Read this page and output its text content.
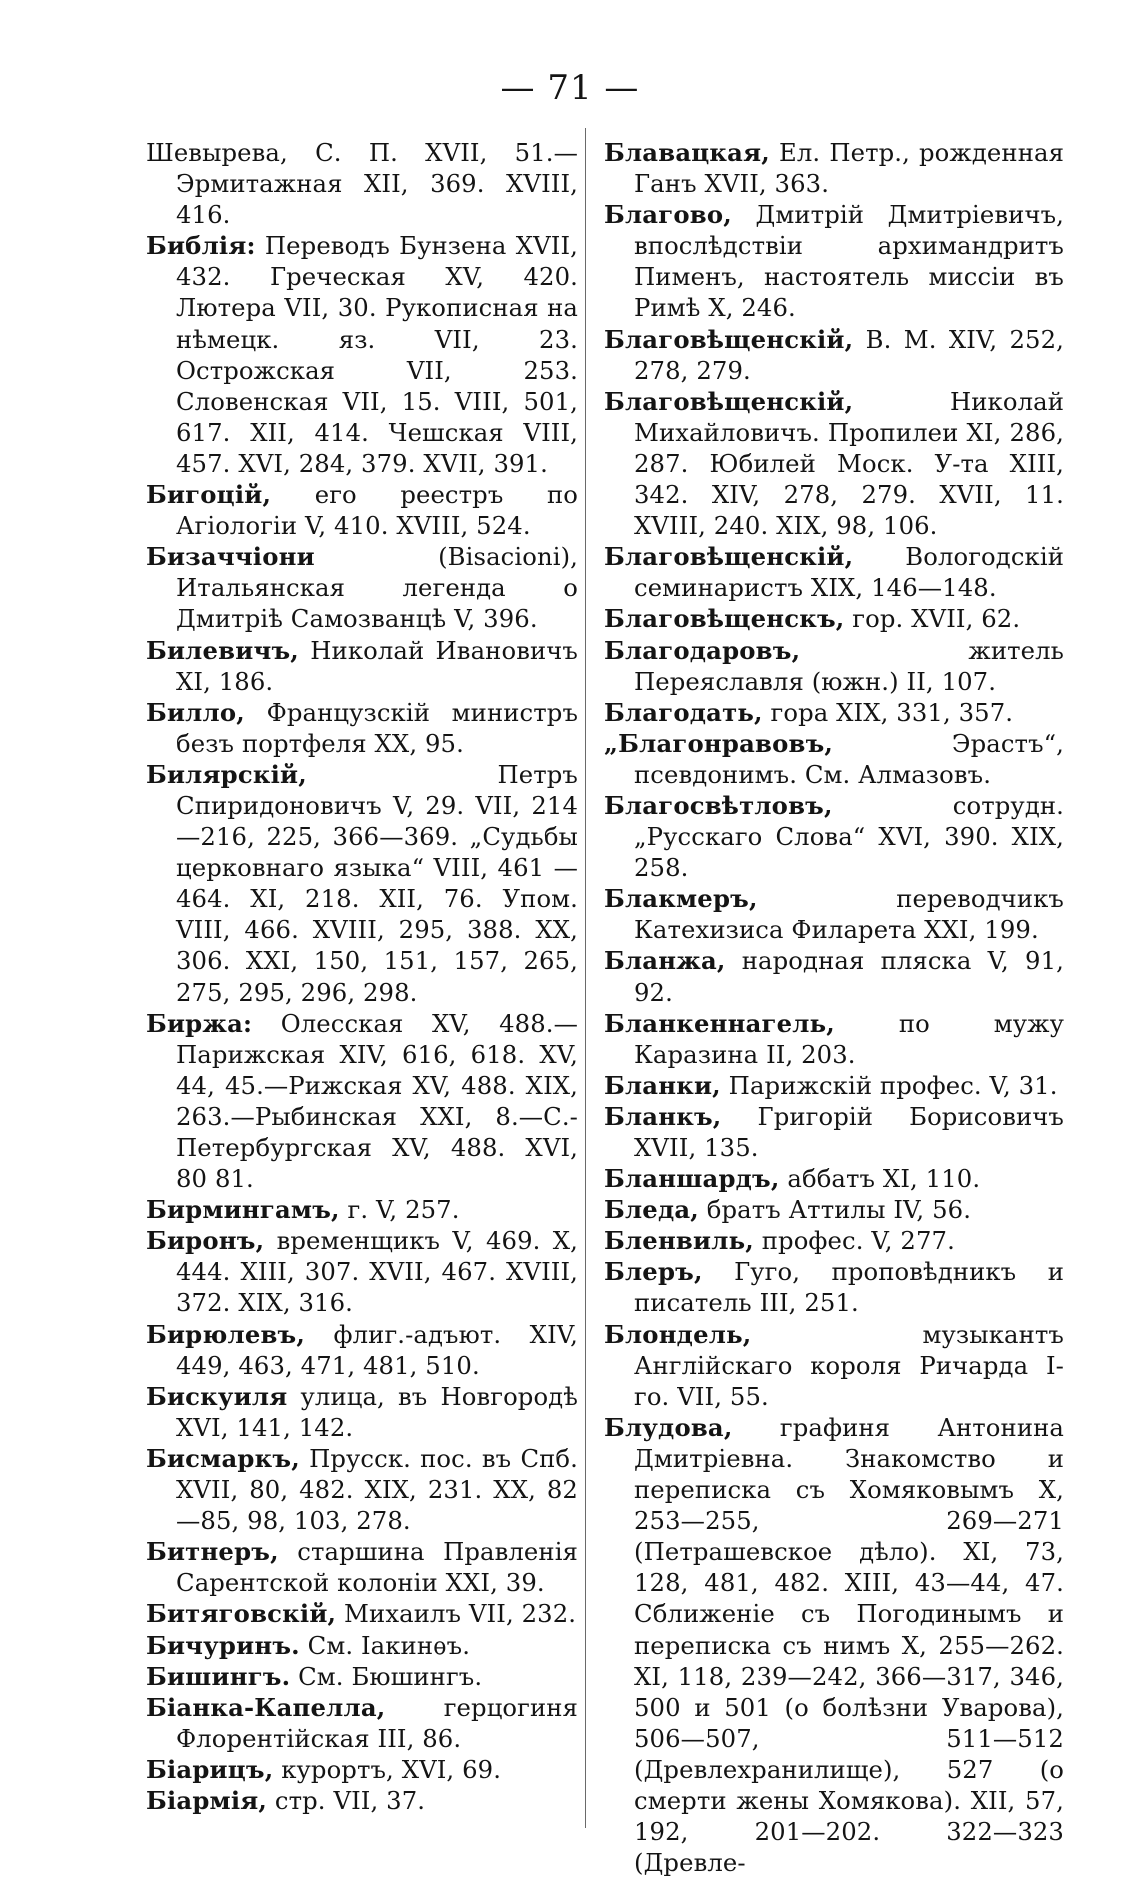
— 71 —

Шевырева, С. П. XVII, 51.—Эрмитажная XII, 369. XVIII, 416.

Библія: Переводъ Бунзена XVII, 432. Греческая XV, 420. Лютера VII, 30. Рукописная на нѣмецк. яз. VII, 23. Острожская VII, 253. Словенская VII, 15. VIII, 501, 617. XII, 414. Чешская VIII, 457. XVI, 284, 379. XVII, 391.

Бигоцій, его реестръ по Агіологіи V, 410. XVIII, 524.

Бизаччіони (Bisacioni), Итальянская легенда о Дмитріѣ Самозванцѣ V, 396.

Билевичъ, Николай Ивановичъ XI, 186.

Билло, Французскій министръ безъ портфеля XX, 95.

Билярскій, Петръ Спиридоновичъ V, 29. VII, 214—216, 225, 366—369. „Судьбы церковнаго языка“ VIII, 461 — 464. XI, 218. XII, 76. Упом. VIII, 466. XVIII, 295, 388. XX, 306. XXI, 150, 151, 157, 265, 275, 295, 296, 298.

Биржа: Олесская XV, 488.—Парижская XIV, 616, 618. XV, 44, 45.—Рижская XV, 488. XIX, 263.—Рыбинская XXI, 8.—С.-Петербургская XV, 488. XVI, 80 81.

Бирмингамъ, г. V, 257.

Биронъ, временщикъ V, 469. X, 444. XIII, 307. XVII, 467. XVIII, 372. XIX, 316.

Бирюлевъ, флиг.-адъют. XIV, 449, 463, 471, 481, 510.

Бискуиля улица, въ Новгородѣ XVI, 141, 142.

Бисмаркъ, Прусск. пос. въ Спб. XVII, 80, 482. XIX, 231. XX, 82—85, 98, 103, 278.

Битнеръ, старшина Правленія Сарентской колоніи XXI, 39.

Битяговскій, Михаилъ VII, 232.

Бичуринъ. См. Іакинѳъ.

Бишингъ. См. Бюшингъ.

Біанка-Капелла, герцогиня Флорентійская III, 86.

Біарицъ, курортъ, XVI, 69.

Біармія, стр. VII, 37.

Блавацкая, Ел. Петр., рожденная Ганъ XVII, 363.

Благово, Дмитрій Дмитріевичъ, впослѣдствіи архимандритъ Пименъ, настоятель миссіи въ Римѣ X, 246.

Благовѣщенскій, В. М. XIV, 252, 278, 279.

Благовѣщенскій, Николай Михайловичъ. Пропилеи XI, 286, 287. Юбилей Моск. У-та XIII, 342. XIV, 278, 279. XVII, 11. XVIII, 240. XIX, 98, 106.

Благовѣщенскій, Вологодскій семинаристъ XIX, 146—148.

Благовѣщенскъ, гор. XVII, 62.

Благодаровъ, житель Переяславля (южн.) II, 107.

Благодать, гора XIX, 331, 357.

„Благонравовъ, Эрастъ“, псевдонимъ. См. Алмазовъ.

Благосвѣтловъ, сотрудн. „Русскаго Слова“ XVI, 390. XIX, 258.

Блакмеръ, переводчикъ Катехизиса Филарета XXI, 199.

Бланжа, народная пляска V, 91, 92.

Бланкеннагель, по мужу Каразина II, 203.

Бланки, Парижскій профес. V, 31.

Бланкъ, Григорій Борисовичъ XVII, 135.

Бланшардъ, аббатъ XI, 110.

Бледа, братъ Аттилы IV, 56.

Бленвиль, профес. V, 277.

Блеръ, Гуго, проповѣдникъ и писатель III, 251.

Блондель, музыкантъ Англійскаго короля Ричарда I-го. VII, 55.

Блудова, графиня Антонина Дмитріевна. Знакомство и переписка съ Хомяковымъ X, 253—255, 269—271 (Петрашевское дѣло). XI, 73, 128, 481, 482. XIII, 43—44, 47. Сближеніе съ Погодинымъ и переписка съ нимъ X, 255—262. XI, 118, 239—242, 366—317, 346, 500 и 501 (о болѣзни Уварова), 506—507, 511—512 (Древлехранилище), 527 (о смерти жены Хомякова). XII, 57, 192, 201—202. 322—323 (Древле-
